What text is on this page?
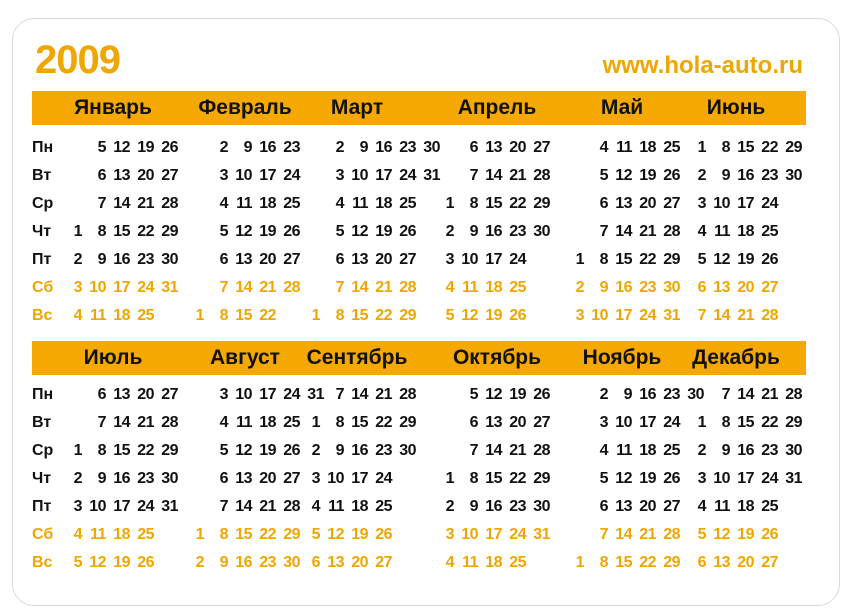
2009	www.hola-auto.ru
Пн
Вт
Ср
Чт
Пт
Сб
Вс
Январь
1
2
3
4
5
6
7
8
9
10
11
12
13
14
15
16
17
18
19
20
21
22
23
24
25
26
27
28
29
30
31
Февраль
1
2
3
4
5
6
7
8
9
10
11
12
13
14
15
16
17
18
19
20
21
22
23
24
25
26
27
28
Март
1
2
3
4
5
6
7
8
9
10
11
12
13
14
15
16
17
18
19
20
21
22
23
24
25
26
27
28
29
30
31
Апрель
1
2
3
4
5
6
7
8
9
10
11
12
13
14
15
16
17
18
19
20
21
22
23
24
25
26
27
28
29
30
Май
1
2
3
4
5
6
7
8
9
10
11
12
13
14
15
16
17
18
19
20
21
22
23
24
25
26
27
28
29
30
31
Июнь
1
2
3
4
5
6
7
8
9
10
11
12
13
14
15
16
17
18
19
20
21
22
23
24
25
26
27
28
29
30
Пн
Вт
Ср
Чт
Пт
Сб
Вс
Июль
1
2
3
4
5
6
7
8
9
10
11
12
13
14
15
16
17
18
19
20
21
22
23
24
25
26
27
28
29
30
31
Август
1
2
3
4
5
6
7
8
9
10
11
12
13
14
15
16
17
18
19
20
21
22
23
24
25
26
27
28
29
30
31
Сентябрь
1
2
3
4
5
6
7
8
9
10
11
12
13
14
15
16
17
18
19
20
21
22
23
24
25
26
27
28
29
30
Октябрь
1
2
3
4
5
6
7
8
9
10
11
12
13
14
15
16
17
18
19
20
21
22
23
24
25
26
27
28
29
30
31
Ноябрь
1
2
3
4
5
6
7
8
9
10
11
12
13
14
15
16
17
18
19
20
21
22
23
24
25
26
27
28
29
30
Декабрь
1
2
3
4
5
6
7
8
9
10
11
12
13
14
15
16
17
18
19
20
21
22
23
24
25
26
27
28
29
30
31
